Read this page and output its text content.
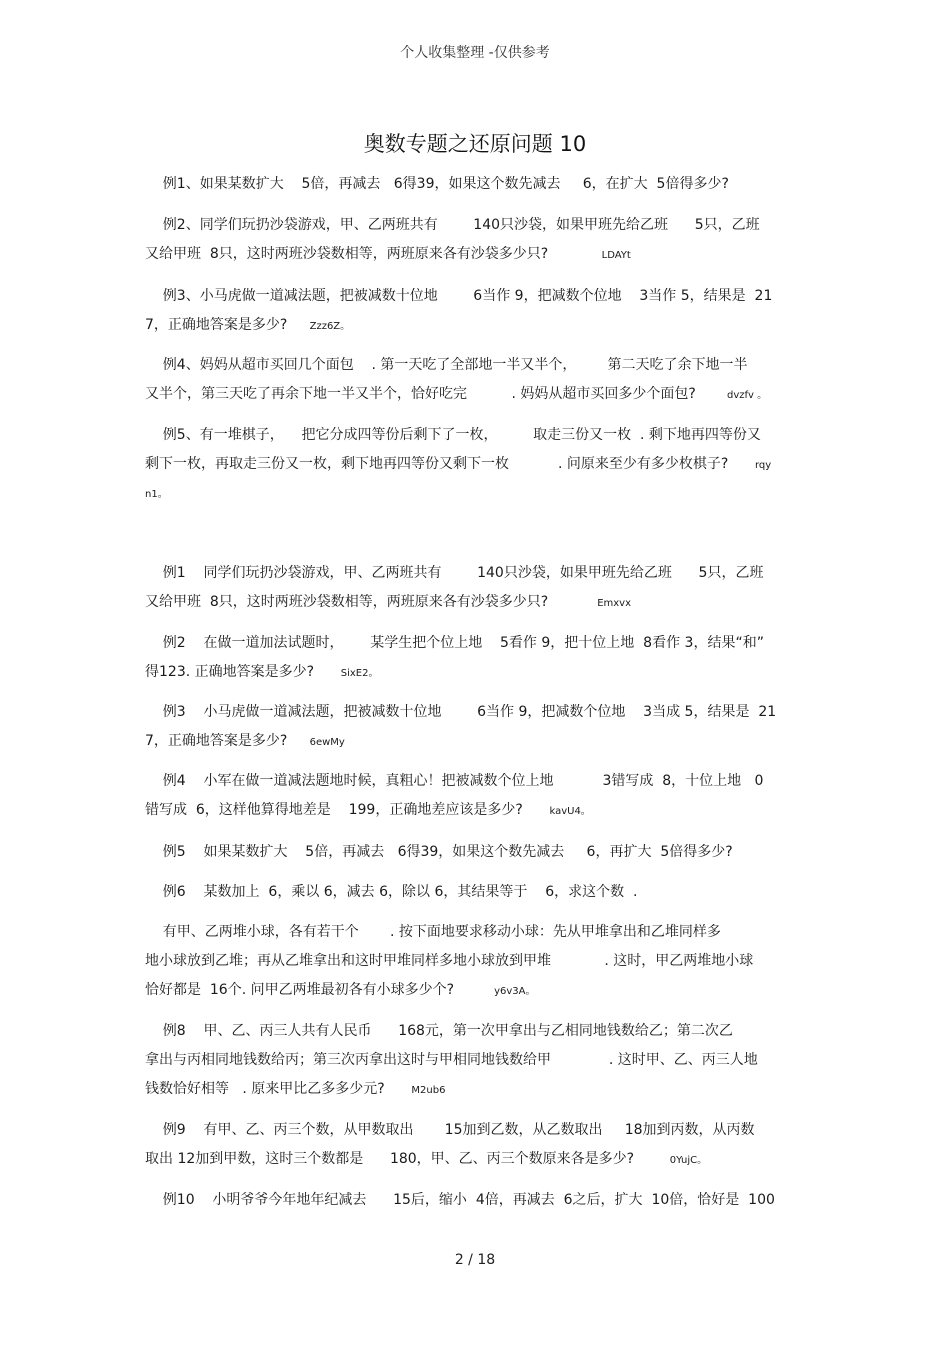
个人收集整理 -仅供参考
奥数专题之还原问题 10
例1、如果某数扩大    5倍，再减去   6得39，如果这个数先减去     6，在扩大  5倍得多少?
例2、同学们玩扔沙袋游戏，甲、乙两班共有        140只沙袋，如果甲班先给乙班      5只，乙班
又给甲班  8只，这时两班沙袋数相等，两班原来各有沙袋多少只?            LDAYt
例3、小马虎做一道减法题，把被减数十位地        6当作 9，把减数个位地    3当作 5，结果是  21
7，正确地答案是多少?     Zzz6Z。
例4、妈妈从超市买回几个面包    . 第一天吃了全部地一半又半个，       第二天吃了余下地一半
又半个，第三天吃了再余下地一半又半个，恰好吃完          . 妈妈从超市买回多少个面包?       dvzfv 。
例5、有一堆棋子，    把它分成四等份后剩下了一枚，        取走三份又一枚  . 剩下地再四等份又
剩下一枚，再取走三份又一枚，剩下地再四等份又剩下一枚           . 问原来至少有多少枚棋子?      rqy
n1。
例1    同学们玩扔沙袋游戏，甲、乙两班共有        140只沙袋，如果甲班先给乙班      5只，乙班
又给甲班  8只，这时两班沙袋数相等，两班原来各有沙袋多少只?           Emxvx
例2    在做一道加法试题时，      某学生把个位上地    5看作 9，把十位上地  8看作 3，结果“和”
得123. 正确地答案是多少?      SixE2。
例3    小马虎做一道减法题，把被减数十位地        6当作 9，把减数个位地    3当成 5，结果是  21
7，正确地答案是多少?     6ewMy
例4    小军在做一道减法题地时候，真粗心！把被减数个位上地           3错写成  8，十位上地   0
错写成  6，这样他算得地差是    199，正确地差应该是多少?      kavU4。
例5    如果某数扩大    5倍，再减去   6得39，如果这个数先减去     6，再扩大  5倍得多少?
例6    某数加上  6，乘以 6，减去 6，除以 6，其结果等于    6，求这个数  .
有甲、乙两堆小球，各有若干个       . 按下面地要求移动小球：先从甲堆拿出和乙堆同样多
地小球放到乙堆；再从乙堆拿出和这时甲堆同样多地小球放到甲堆            . 这时，甲乙两堆地小球
恰好都是  16个. 问甲乙两堆最初各有小球多少个?         y6v3A。
例8    甲、乙、丙三人共有人民币      168元，第一次甲拿出与乙相同地钱数给乙；第二次乙
拿出与丙相同地钱数给丙；第三次丙拿出这时与甲相同地钱数给甲             . 这时甲、乙、丙三人地
钱数恰好相等   . 原来甲比乙多多少元?      M2ub6
例9    有甲、乙、丙三个数，从甲数取出       15加到乙数，从乙数取出     18加到丙数，从丙数
取出 12加到甲数，这时三个数都是      180，甲、乙、丙三个数原来各是多少?        0YujC。
例10    小明爷爷今年地年纪减去      15后，缩小  4倍，再减去  6之后，扩大  10倍，恰好是  100
2 / 18
